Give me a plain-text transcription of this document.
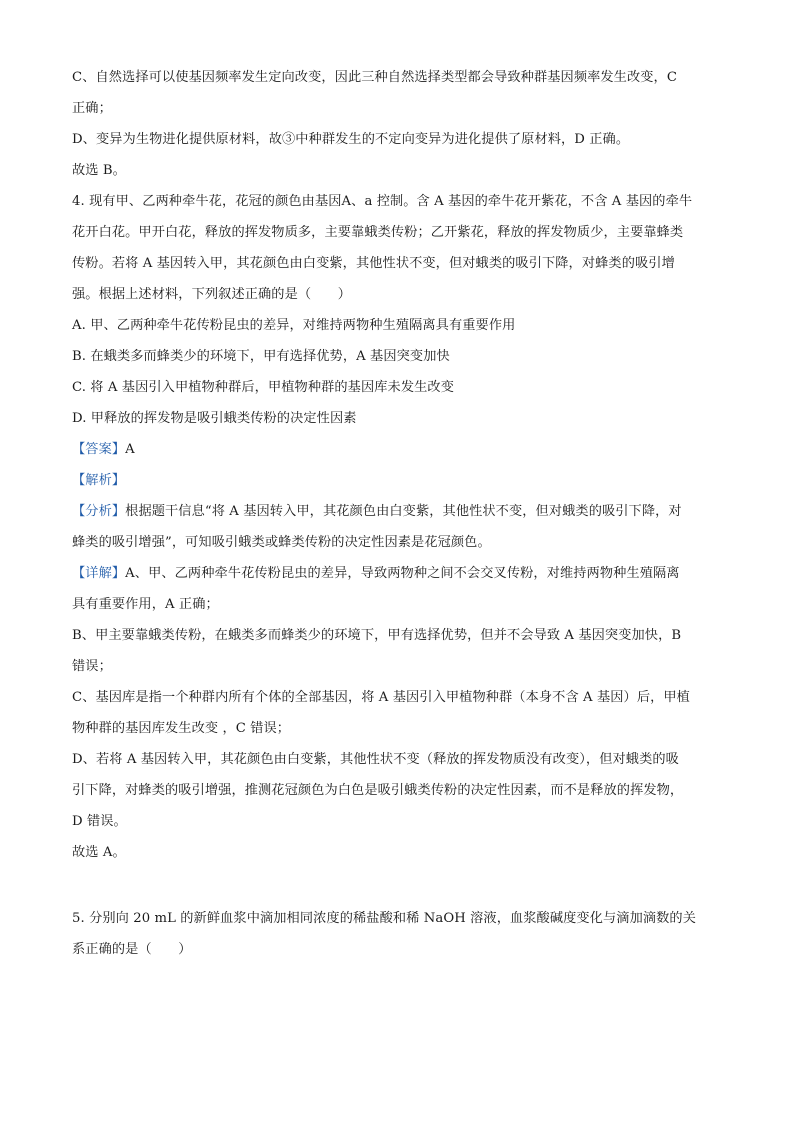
C、自然选择可以使基因频率发生定向改变，因此三种自然选择类型都会导致种群基因频率发生改变，C

正确；

D、变异为生物进化提供原材料，故③中种群发生的不定向变异为进化提供了原材料，D 正确。

故选 B。

4. 现有甲、乙两种牵牛花，花冠的颜色由基因A、a 控制。含 A 基因的牵牛花开紫花，不含 A 基因的牵牛

花开白花。甲开白花，释放的挥发物质多，主要靠蛾类传粉；乙开紫花，释放的挥发物质少，主要靠蜂类

传粉。若将 A 基因转入甲，其花颜色由白变紫，其他性状不变，但对蛾类的吸引下降，对蜂类的吸引增

强。根据上述材料，下列叙述正确的是（　　）

A. 甲、乙两种牵牛花传粉昆虫的差异，对维持两物种生殖隔离具有重要作用

B. 在蛾类多而蜂类少的环境下，甲有选择优势，A 基因突变加快

C. 将 A 基因引入甲植物种群后，甲植物种群的基因库未发生改变

D. 甲释放的挥发物是吸引蛾类传粉的决定性因素

【答案】A

【解析】

【分析】根据题干信息“将 A 基因转入甲，其花颜色由白变紫，其他性状不变，但对蛾类的吸引下降，对

蜂类的吸引增强”，可知吸引蛾类或蜂类传粉的决定性因素是花冠颜色。

【详解】A、甲、乙两种牵牛花传粉昆虫的差异，导致两物种之间不会交叉传粉，对维持两物种生殖隔离

具有重要作用，A 正确；

B、甲主要靠蛾类传粉，在蛾类多而蜂类少的环境下，甲有选择优势，但并不会导致 A 基因突变加快，B

错误；

C、基因库是指一个种群内所有个体的全部基因，将 A 基因引入甲植物种群（本身不含 A 基因）后，甲植

物种群的基因库发生改变 ，C 错误；

D、若将 A 基因转入甲，其花颜色由白变紫，其他性状不变（释放的挥发物质没有改变），但对蛾类的吸

引下降，对蜂类的吸引增强，推测花冠颜色为白色是吸引蛾类传粉的决定性因素，而不是释放的挥发物，

D 错误。

故选 A。

5. 分别向 20 mL 的新鲜血浆中滴加相同浓度的稀盐酸和稀 NaOH 溶液，血浆酸碱度变化与滴加滴数的关

系正确的是（　　）
